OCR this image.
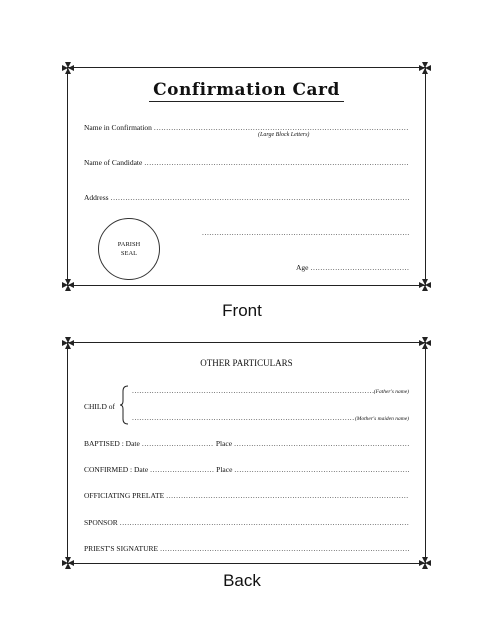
Confirmation Card
Name in Confirmation
.....
(Large Block Letters)
Name of Candidate
.....
Address
.....
.....
PARISH
SEAL
Age
.....
Front
OTHER PARTICULARS
CHILD of
.....
(Father's name)
.....
(Mother's maiden name)
BAPTISED : Date .....	Place
.....
CONFIRMED : Date .....	Place
.....
OFFICIATING PRELATE
.....
SPONSOR
.....
PRIEST'S SIGNATURE
.....
Back
